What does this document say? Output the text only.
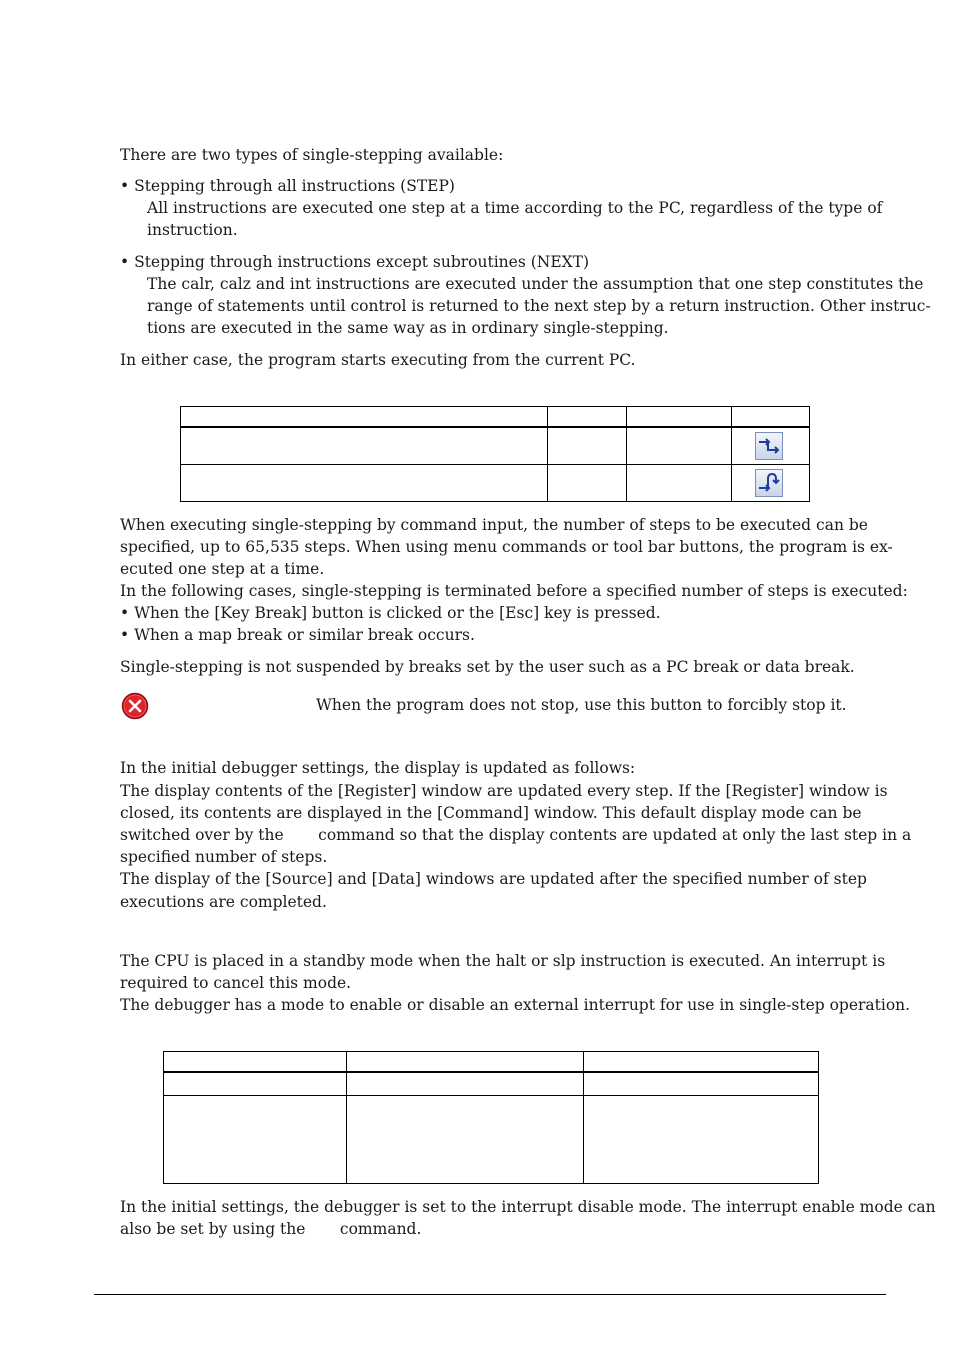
There are two types of single-stepping available:
• Stepping through all instructions (STEP)
All instructions are executed one step at a time according to the PC, regardless of the type of
instruction.
• Stepping through instructions except subroutines (NEXT)
The calr, calz and int instructions are executed under the assumption that one step constitutes the
range of statements until control is returned to the next step by a return instruction. Other instruc-
tions are executed in the same way as in ordinary single-stepping.
In either case, the program starts executing from the current PC.
When executing single-stepping by command input, the number of steps to be executed can be
specified, up to 65,535 steps. When using menu commands or tool bar buttons, the program is ex-
ecuted one step at a time.
In the following cases, single-stepping is terminated before a specified number of steps is executed:
• When the [Key Break] button is clicked or the [Esc] key is pressed.
• When a map break or similar break occurs.
Single-stepping is not suspended by breaks set by the user such as a PC break or data break.
When the program does not stop, use this button to forcibly stop it.
In the initial debugger settings, the display is updated as follows:
The display contents of the [Register] window are updated every step. If the [Register] window is
closed, its contents are displayed in the [Command] window. This default display mode can be
switched over by the       command so that the display contents are updated at only the last step in a
specified number of steps.
The display of the [Source] and [Data] windows are updated after the specified number of step
executions are completed.
The CPU is placed in a standby mode when the halt or slp instruction is executed. An interrupt is
required to cancel this mode.
The debugger has a mode to enable or disable an external interrupt for use in single-step operation.
In the initial settings, the debugger is set to the interrupt disable mode. The interrupt enable mode can
also be set by using the       command.
